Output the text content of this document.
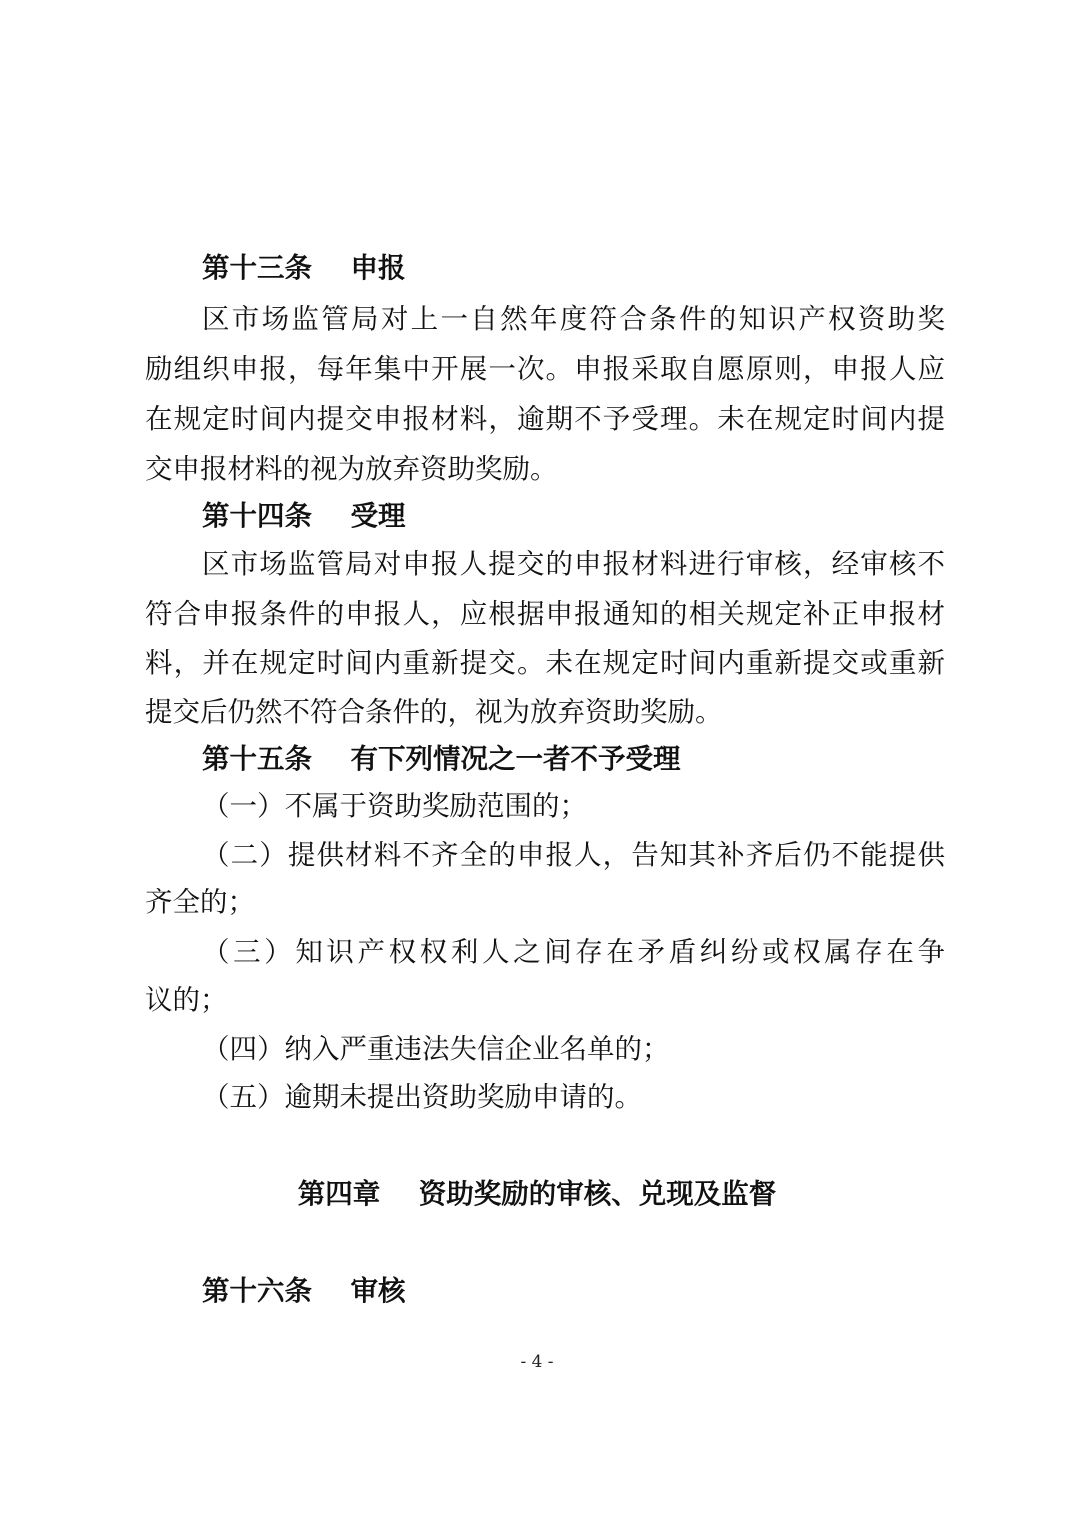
第十三条 申报
区市场监管局对上一自然年度符合条件的知识产权资助奖
励组织申报，每年集中开展一次。申报采取自愿原则，申报人应
在规定时间内提交申报材料，逾期不予受理。未在规定时间内提
交申报材料的视为放弃资助奖励。
第十四条 受理
区市场监管局对申报人提交的申报材料进行审核，经审核不
符合申报条件的申报人，应根据申报通知的相关规定补正申报材
料，并在规定时间内重新提交。未在规定时间内重新提交或重新
提交后仍然不符合条件的，视为放弃资助奖励。
第十五条 有下列情况之一者不予受理
（一）不属于资助奖励范围的；
（二）提供材料不齐全的申报人，告知其补齐后仍不能提供
齐全的；
（三）知识产权权利人之间存在矛盾纠纷或权属存在争
议的；
（四）纳入严重违法失信企业名单的；
（五）逾期未提出资助奖励申请的。
第四章 资助奖励的审核、兑现及监督
第十六条 审核
- 4 -
